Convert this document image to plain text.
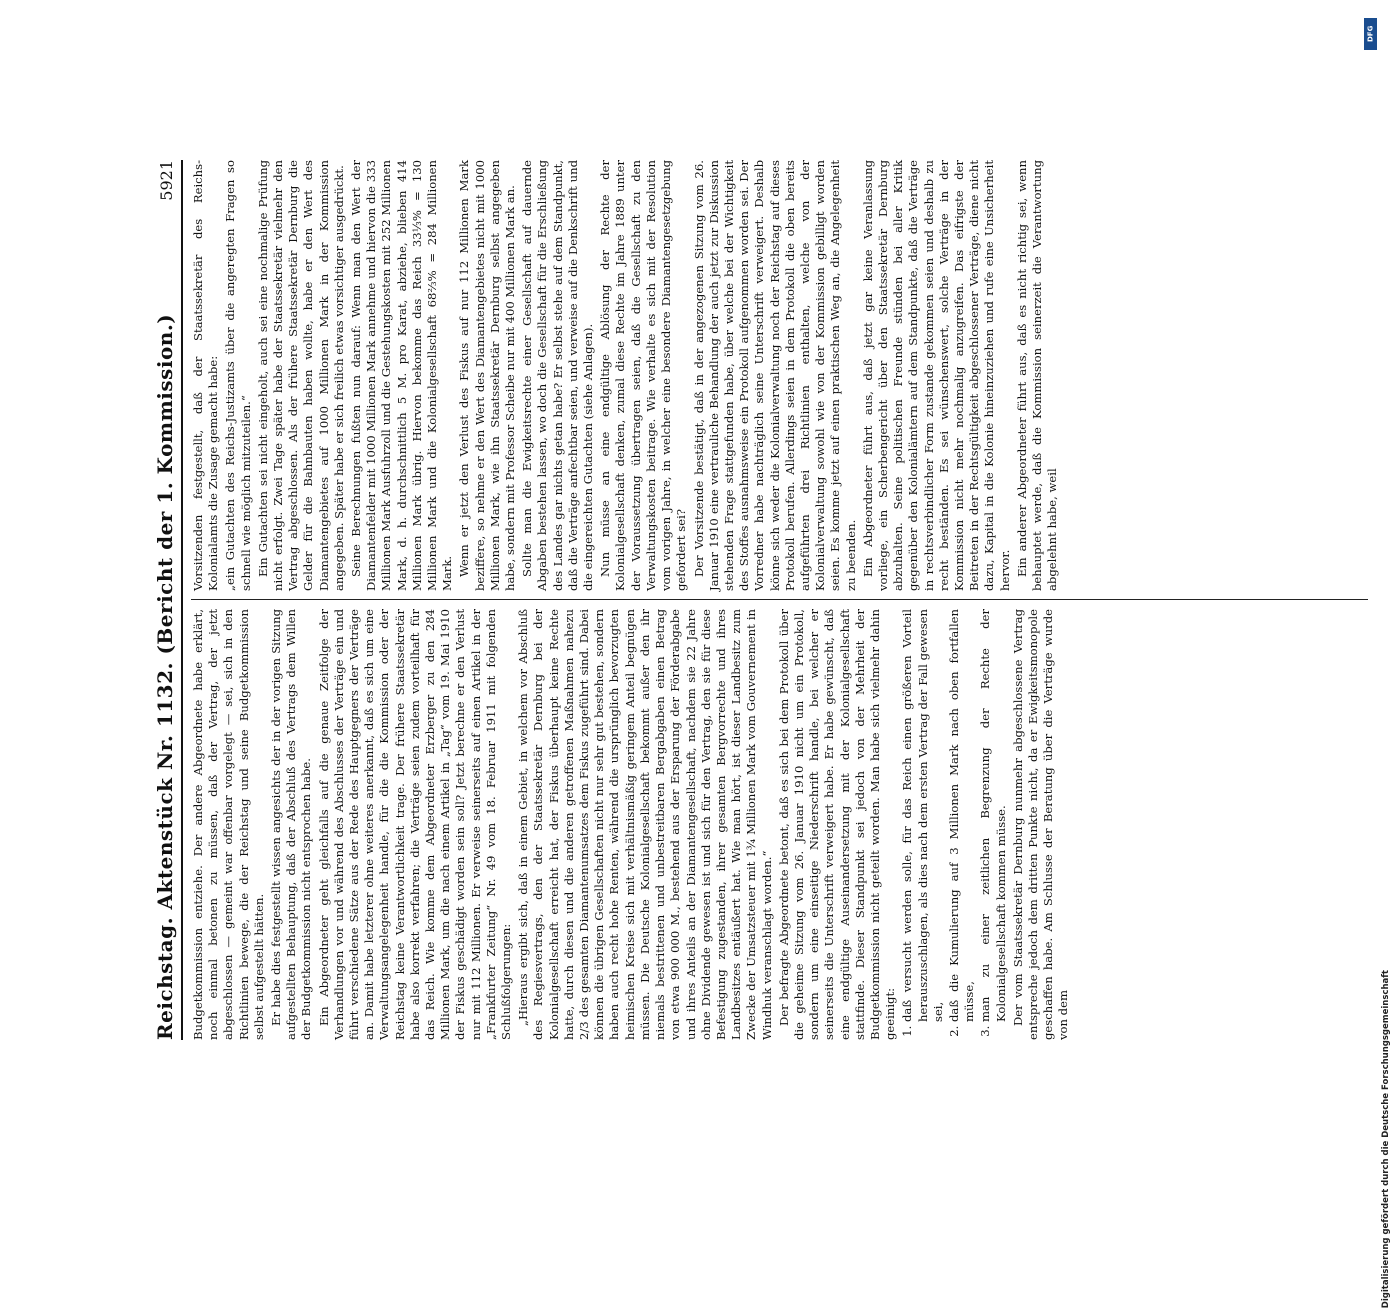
Reichstag. Aktenstück Nr. 1132. (Bericht der 1. Kommission.)
5921

Budgetkommission entziehe. Der andere Abgeordnete habe erklärt, noch einmal betonen zu müssen, daß der Vertrag, der jetzt abgeschlossen — gemeint war offenbar vorgelegt — sei, sich in den Richtlinien bewege, die der Reichstag und seine Budgetkommission selbst aufgestellt hätten. Er habe dies festgestellt wissen angesichts der in der vorigen Sitzung aufgestellten Behauptung, daß der Abschluß des Vertrags dem Willen der Budgetkommission nicht entsprochen habe. Ein Abgeordneter geht gleichfalls auf die genaue Zeitfolge der Verhandlungen vor und während des Abschlusses der Verträge ein und führt verschiedene Sätze aus der Rede des Hauptgegners der Verträge an. Damit habe letzterer ohne weiteres anerkannt, daß es sich um eine Verwaltungsangelegenheit handle, für die die Kommission oder der Reichstag keine Verantwortlichkeit trage. Der frühere Staatssekretär habe also korrekt verfahren; die Verträge seien zudem vorteilhaft für das Reich. Wie komme dem Abgeordneter Erzberger zu den 284 Millionen Mark, um die nach einem Artikel in „Tag“ vom 19. Mai 1910 der Fiskus geschädigt worden sein soll? Jetzt berechne er den Verlust nur mit 112 Millionen. Er verweise seinerseits auf einen Artikel in der „Frankfurter Zeitung“ Nr. 49 vom 18. Februar 1911 mit folgenden Schlußfolgerungen: „Hieraus ergibt sich, daß in einem Gebiet, in welchem vor Abschluß des Regiesvertrags, den der Staatssekretär Dernburg bei der Kolonialgesellschaft erreicht hat, der Fiskus überhaupt keine Rechte hatte, durch diesen und die anderen getroffenen Maßnahmen nahezu 2/3 des gesamten Diamantenumsatzes dem Fiskus zugeführt sind. Dabei können die übrigen Gesellschaften nicht nur sehr gut bestehen, sondern haben auch recht hohe Renten, während die ursprünglich bevorzugten heimischen Kreise sich mit verhältnismäßig geringem Anteil begnügen müssen. Die Deutsche Kolonialgesellschaft bekommt außer den ihr niemals bestrittenen und unbestreitbaren Bergabgaben einen Betrag von etwa 900 000 M., bestehend aus der Ersparung der Förderabgabe und ihres Anteils an der Diamantengesellschaft, nachdem sie 22 Jahre ohne Dividende gewesen ist und sich für den Vertrag, den sie für diese Befestigung zugestanden, ihrer gesamten Bergvorrechte und ihres Landbesitzes entäußert hat. Wie man hört, ist dieser Landbesitz zum Zwecke der Umsatzsteuer mit 1¾ Millionen Mark vom Gouvernement in Windhuk veranschlagt worden.“ Der befragte Abgeordnete betont, daß es sich bei dem Protokoll über die geheime Sitzung vom 26. Januar 1910 nicht um ein Protokoll, sondern um eine einseitige Niederschrift handle, bei welcher er seinerseits die Unterschrift verweigert habe. Er habe gewünscht, daß eine endgültige Auseinandersetzung mit der Kolonialgesellschaft stattfinde. Dieser Standpunkt sei jedoch von der Mehrheit der Budgetkommission nicht geteilt worden. Man habe sich vielmehr dahin geeinigt: 1. daß versucht werden solle, für das Reich einen größeren Vorteil herauszuschlagen, als dies nach dem ersten Vertrag der Fall gewesen sei, 2. daß die Kumulierung auf 3 Millionen Mark nach oben fortfallen müsse, 3. man zu einer zeitlichen Begrenzung der Rechte der Kolonialgesellschaft kommen müsse. Der vom Staatssekretär Dernburg nunmehr abgeschlossene Vertrag entspreche jedoch dem dritten Punkte nicht, da er Ewigkeitsmonopole geschaffen habe. Am Schlusse der Beratung über die Verträge wurde von dem

Vorsitzenden festgestellt, daß der Staatssekretär des Reichs-Kolonialamts die Zusage gemacht habe: „ein Gutachten des Reichs-Justizamts über die angeregten Fragen so schnell wie möglich mitzuteilen.“ Ein Gutachten sei nicht eingeholt, auch sei eine nochmalige Prüfung nicht erfolgt. Zwei Tage später habe der Staatssekretär vielmehr den Vertrag abgeschlossen. Als der frühere Staatssekretär Dernburg die Gelder für die Bahnbauten haben wollte, habe er den Wert des Diamantengebietes auf 1000 Millionen Mark in der Kommission angegeben. Später habe er sich freilich etwas vorsichtiger ausgedrückt. Seine Berechnungen fußten nun darauf: Wenn man den Wert der Diamantenfelder mit 1000 Millionen Mark annehme und hiervon die 333 Millionen Mark Ausfuhrzoll und die Gestehungskosten mit 252 Millionen Mark, d. h. durchschnittlich 5 M. pro Karat, abziehe, blieben 414 Millionen Mark übrig. Hiervon bekomme das Reich 33⅓% = 130 Millionen Mark und die Kolonialgesellschaft 68⅔% = 284 Millionen Mark. Wenn er jetzt den Verlust des Fiskus auf nur 112 Millionen Mark beziffere, so nehme er den Wert des Diamantengebietes nicht mit 1000 Millionen Mark, wie ihn Staatssekretär Dernburg selbst angegeben habe, sondern mit Professor Scheibe nur mit 400 Millionen Mark an. Sollte man die Ewigkeitsrechte einer Gesellschaft auf dauernde Abgaben bestehen lassen, wo doch die Gesellschaft für die Erschließung des Landes gar nichts getan habe? Er selbst stehe auf dem Standpunkt, daß die Verträge anfechtbar seien, und verweise auf die Denkschrift und die eingereichten Gutachten (siehe Anlagen). Nun müsse an eine endgültige Ablösung der Rechte der Kolonialgesellschaft denken, zumal diese Rechte im Jahre 1889 unter der Voraussetzung übertragen seien, daß die Gesellschaft zu den Verwaltungskosten beitrage. Wie verhalte es sich mit der Resolution vom vorigen Jahre, in welcher eine besondere Diamantengesetzgebung gefordert sei? Der Vorsitzende bestätigt, daß in der angezogenen Sitzung vom 26. Januar 1910 eine vertrauliche Behandlung der auch jetzt zur Diskussion stehenden Frage stattgefunden habe, über welche bei der Wichtigkeit des Stoffes ausnahmsweise ein Protokoll aufgenommen worden sei. Der Vorredner habe nachträglich seine Unterschrift verweigert. Deshalb könne sich weder die Kolonialverwaltung noch der Reichstag auf dieses Protokoll berufen. Allerdings seien in dem Protokoll die oben bereits aufgeführten drei Richtlinien enthalten, welche von der Kolonialverwaltung sowohl wie von der Kommission gebilligt worden seien. Es komme jetzt auf einen praktischen Weg an, die Angelegenheit zu beenden. Ein Abgeordneter führt aus, daß jetzt gar keine Veranlassung vorliege, ein Scherbengericht über den Staatssekretär Dernburg abzuhalten. Seine politischen Freunde stünden bei aller Kritik gegenüber den Kolonialämtern auf dem Standpunkte, daß die Verträge in rechtsverbindlicher Form zustande gekommen seien und deshalb zu recht beständen. Es sei wünschenswert, solche Verträge in der Kommission nicht mehr nochmalig anzugreifen. Das eifrigste der Beitreten in der Rechtsgültigkeit abgeschlossener Verträge, diene nicht dazu, Kapital in die Kolonie hineinzuziehen und rufe eine Unsicherheit hervor. Ein anderer Abgeordneter führt aus, daß es nicht richtig sei, wenn behauptet werde, daß die Kommission seinerzeit die Verantwortung abgelehnt habe, weil

DFG
Digitalisierung gefördert durch die Deutsche Forschungsgemeinschaft
